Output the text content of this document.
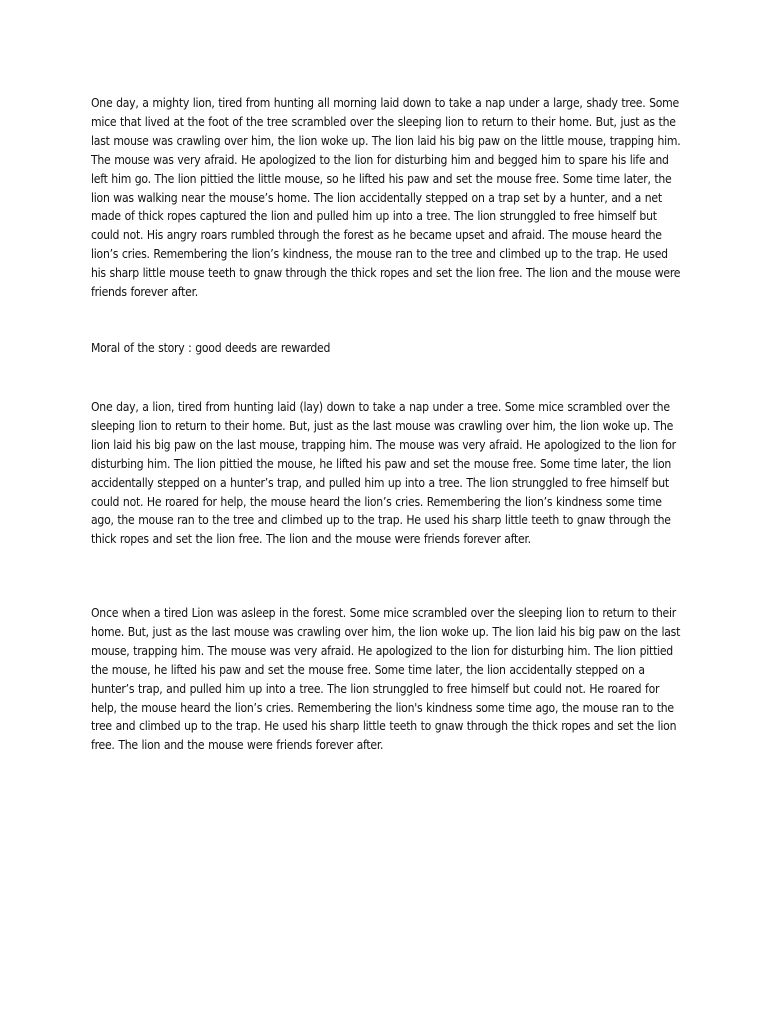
One day, a mighty lion, tired from hunting all morning laid down to take a nap under a large, shady tree. Some mice that lived at the foot of the tree scrambled over the sleeping lion to return to their home. But, just as the last mouse was crawling over him, the lion woke up. The lion laid his big paw on the little mouse, trapping him. The mouse was very afraid. He apologized to the lion for disturbing him and begged him to spare his life and left him go. The lion pittied the little mouse, so he lifted his paw and set the mouse free. Some time later, the lion was walking near the mouse’s home. The lion accidentally stepped on a trap set by a hunter, and a net made of thick ropes captured the lion and pulled him up into a tree. The lion strunggled to free himself but could not. His angry roars rumbled through the forest as he became upset and afraid. The mouse heard the lion’s cries. Remembering the lion’s kindness, the mouse ran to the tree and climbed up to the trap. He used his sharp little mouse teeth to gnaw through the thick ropes and set the lion free. The lion and the mouse were friends forever after.

Moral of the story : good deeds are rewarded

One day, a lion, tired from hunting laid (lay) down to take a nap under a tree. Some mice scrambled over the sleeping lion to return to their home. But, just as the last mouse was crawling over him, the lion woke up. The lion laid his big paw on the last mouse, trapping him. The mouse was very afraid. He apologized to the lion for disturbing him. The lion pittied the mouse, he lifted his paw and set the mouse free. Some time later, the lion accidentally stepped on a hunter’s trap, and pulled him up into a tree. The lion strunggled to free himself but could not. He roared for help, the mouse heard the lion’s cries. Remembering the lion’s kindness some time ago, the mouse ran to the tree and climbed up to the trap. He used his sharp little teeth to gnaw through the thick ropes and set the lion free. The lion and the mouse were friends forever after.

Once when a tired Lion was asleep in the forest. Some mice scrambled over the sleeping lion to return to their home. But, just as the last mouse was crawling over him, the lion woke up. The lion laid his big paw on the last mouse, trapping him. The mouse was very afraid. He apologized to the lion for disturbing him. The lion pittied the mouse, he lifted his paw and set the mouse free. Some time later, the lion accidentally stepped on a hunter’s trap, and pulled him up into a tree. The lion strunggled to free himself but could not. He roared for help, the mouse heard the lion’s cries. Remembering the lion's kindness some time ago, the mouse ran to the tree and climbed up to the trap. He used his sharp little teeth to gnaw through the thick ropes and set the lion free. The lion and the mouse were friends forever after.
